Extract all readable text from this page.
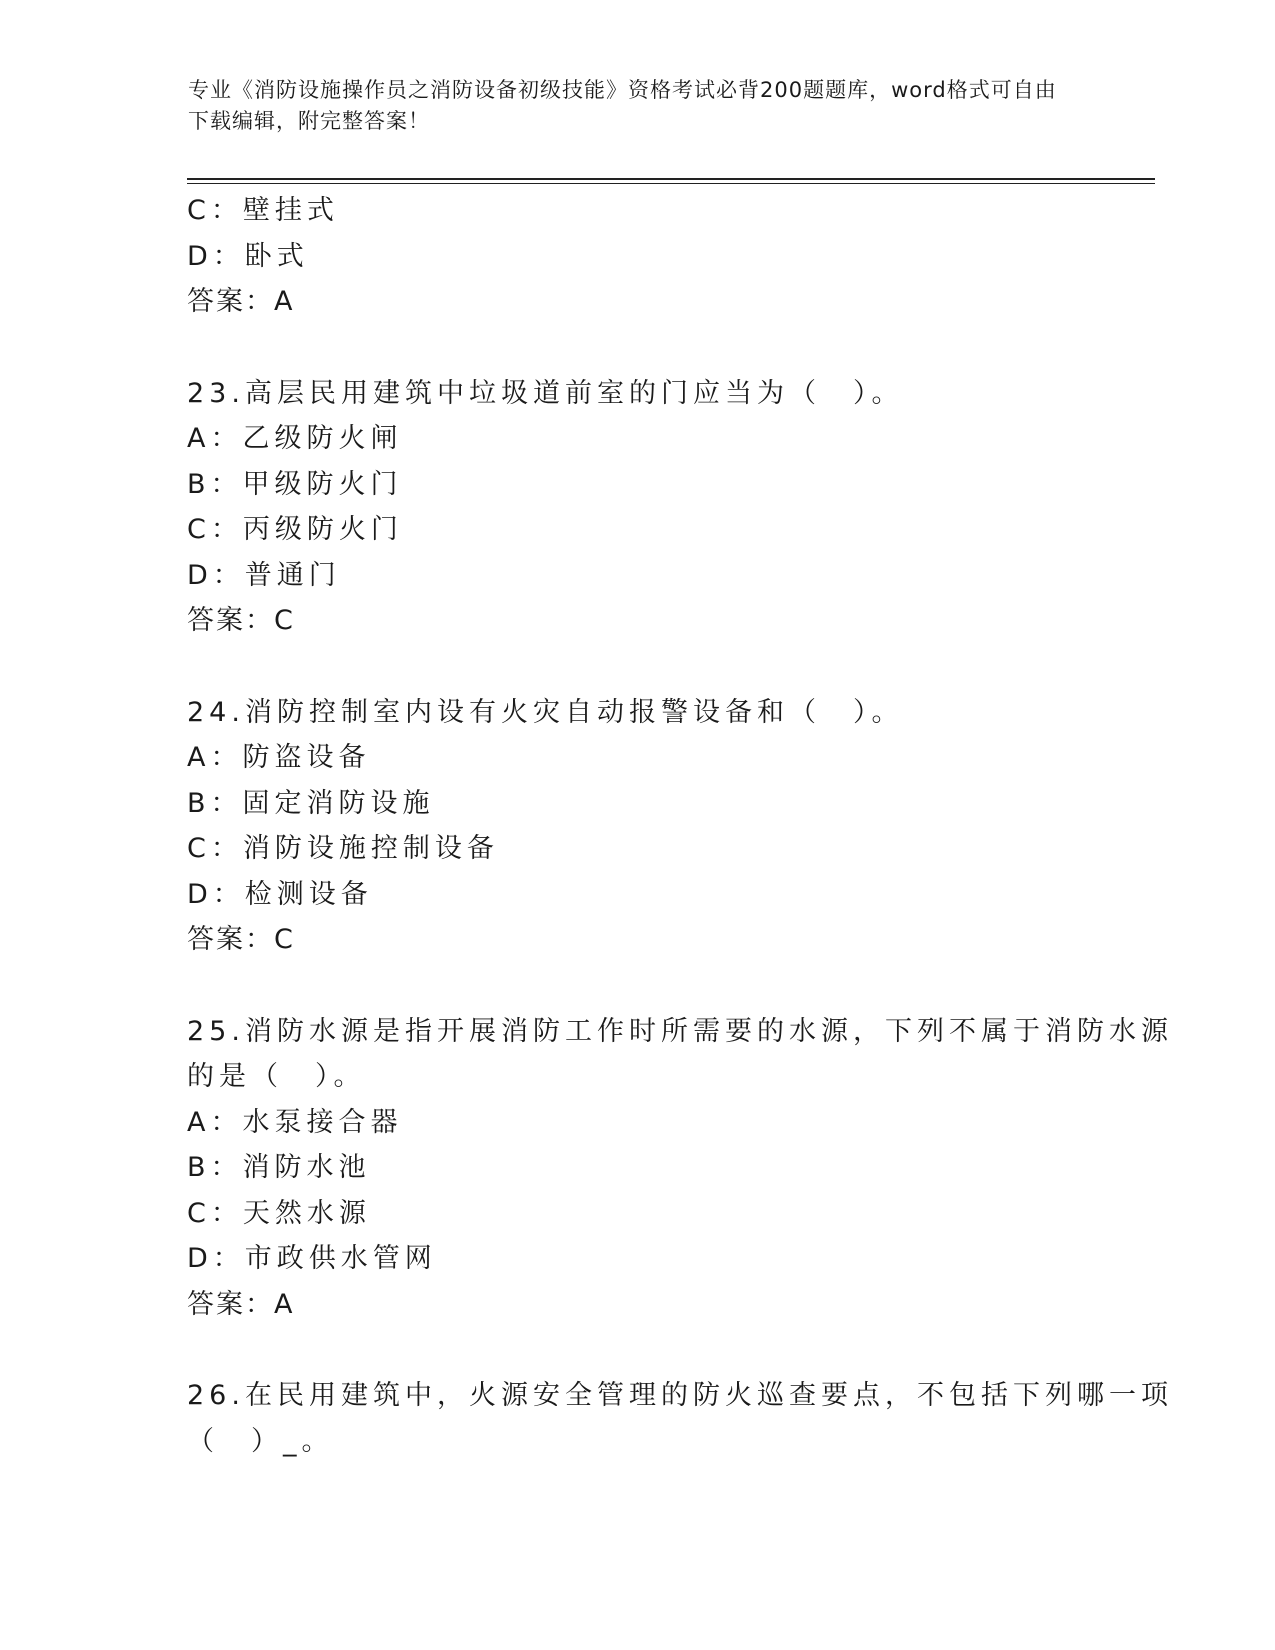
专业《消防设施操作员之消防设备初级技能》资格考试必背200题题库，word格式可自由下载编辑，附完整答案！
C：壁挂式
D：卧式
答案：A
23.高层民用建筑中垃圾道前室的门应当为（　）。
A：乙级防火闸
B：甲级防火门
C：丙级防火门
D：普通门
答案：C
24.消防控制室内设有火灾自动报警设备和（　）。
A：防盗设备
B：固定消防设施
C：消防设施控制设备
D：检测设备
答案：C
25.消防水源是指开展消防工作时所需要的水源，下列不属于消防水源
的是（　）。
A：水泵接合器
B：消防水池
C：天然水源
D：市政供水管网
答案：A
26.在民用建筑中，火源安全管理的防火巡查要点，不包括下列哪一项
（　）_。
